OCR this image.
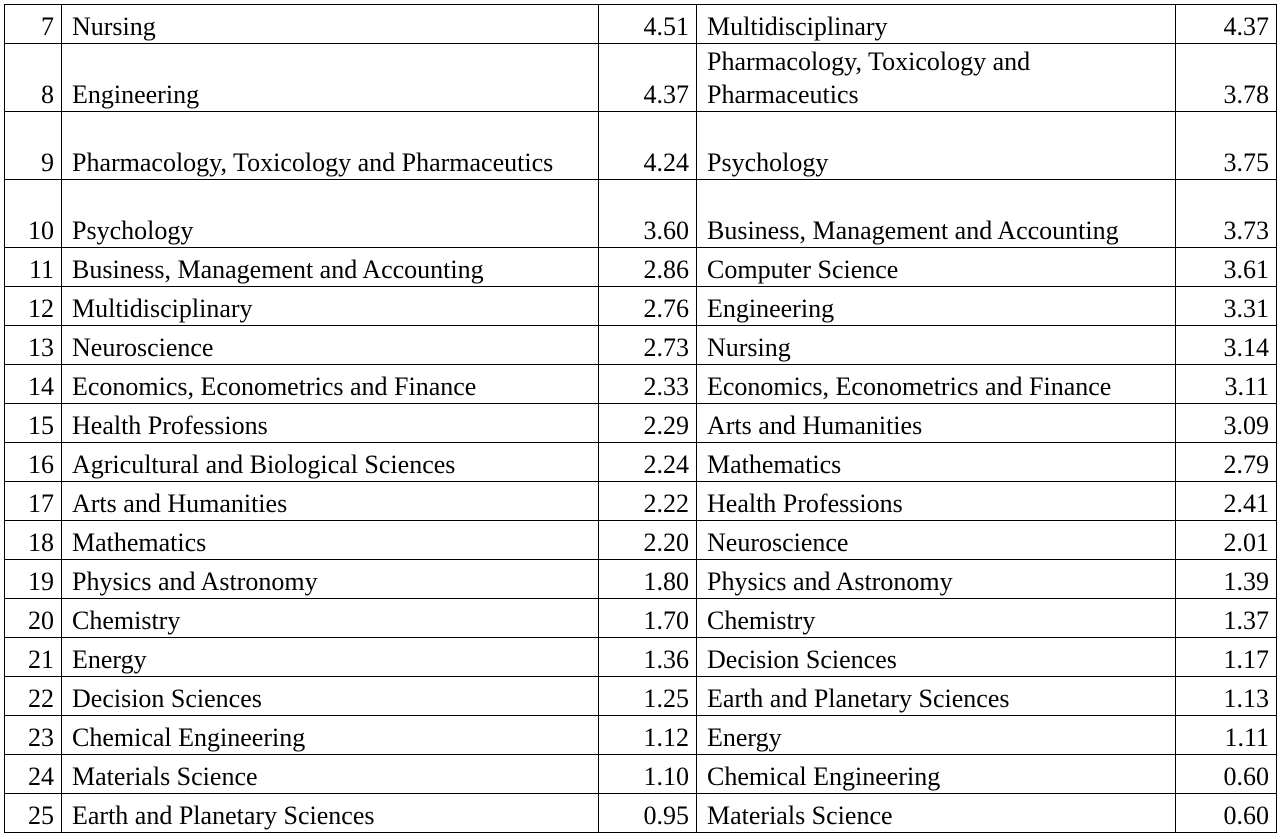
7	Nursing	4.51	Multidisciplinary	4.37
8	Engineering	4.37	Pharmacology, Toxicology and Pharmaceutics	3.78
9	Pharmacology, Toxicology and Pharmaceutics	4.24	Psychology	3.75
10	Psychology	3.60	Business, Management and Accounting	3.73
11	Business, Management and Accounting	2.86	Computer Science	3.61
12	Multidisciplinary	2.76	Engineering	3.31
13	Neuroscience	2.73	Nursing	3.14
14	Economics, Econometrics and Finance	2.33	Economics, Econometrics and Finance	3.11
15	Health Professions	2.29	Arts and Humanities	3.09
16	Agricultural and Biological Sciences	2.24	Mathematics	2.79
17	Arts and Humanities	2.22	Health Professions	2.41
18	Mathematics	2.20	Neuroscience	2.01
19	Physics and Astronomy	1.80	Physics and Astronomy	1.39
20	Chemistry	1.70	Chemistry	1.37
21	Energy	1.36	Decision Sciences	1.17
22	Decision Sciences	1.25	Earth and Planetary Sciences	1.13
23	Chemical Engineering	1.12	Energy	1.11
24	Materials Science	1.10	Chemical Engineering	0.60
25	Earth and Planetary Sciences	0.95	Materials Science	0.60
